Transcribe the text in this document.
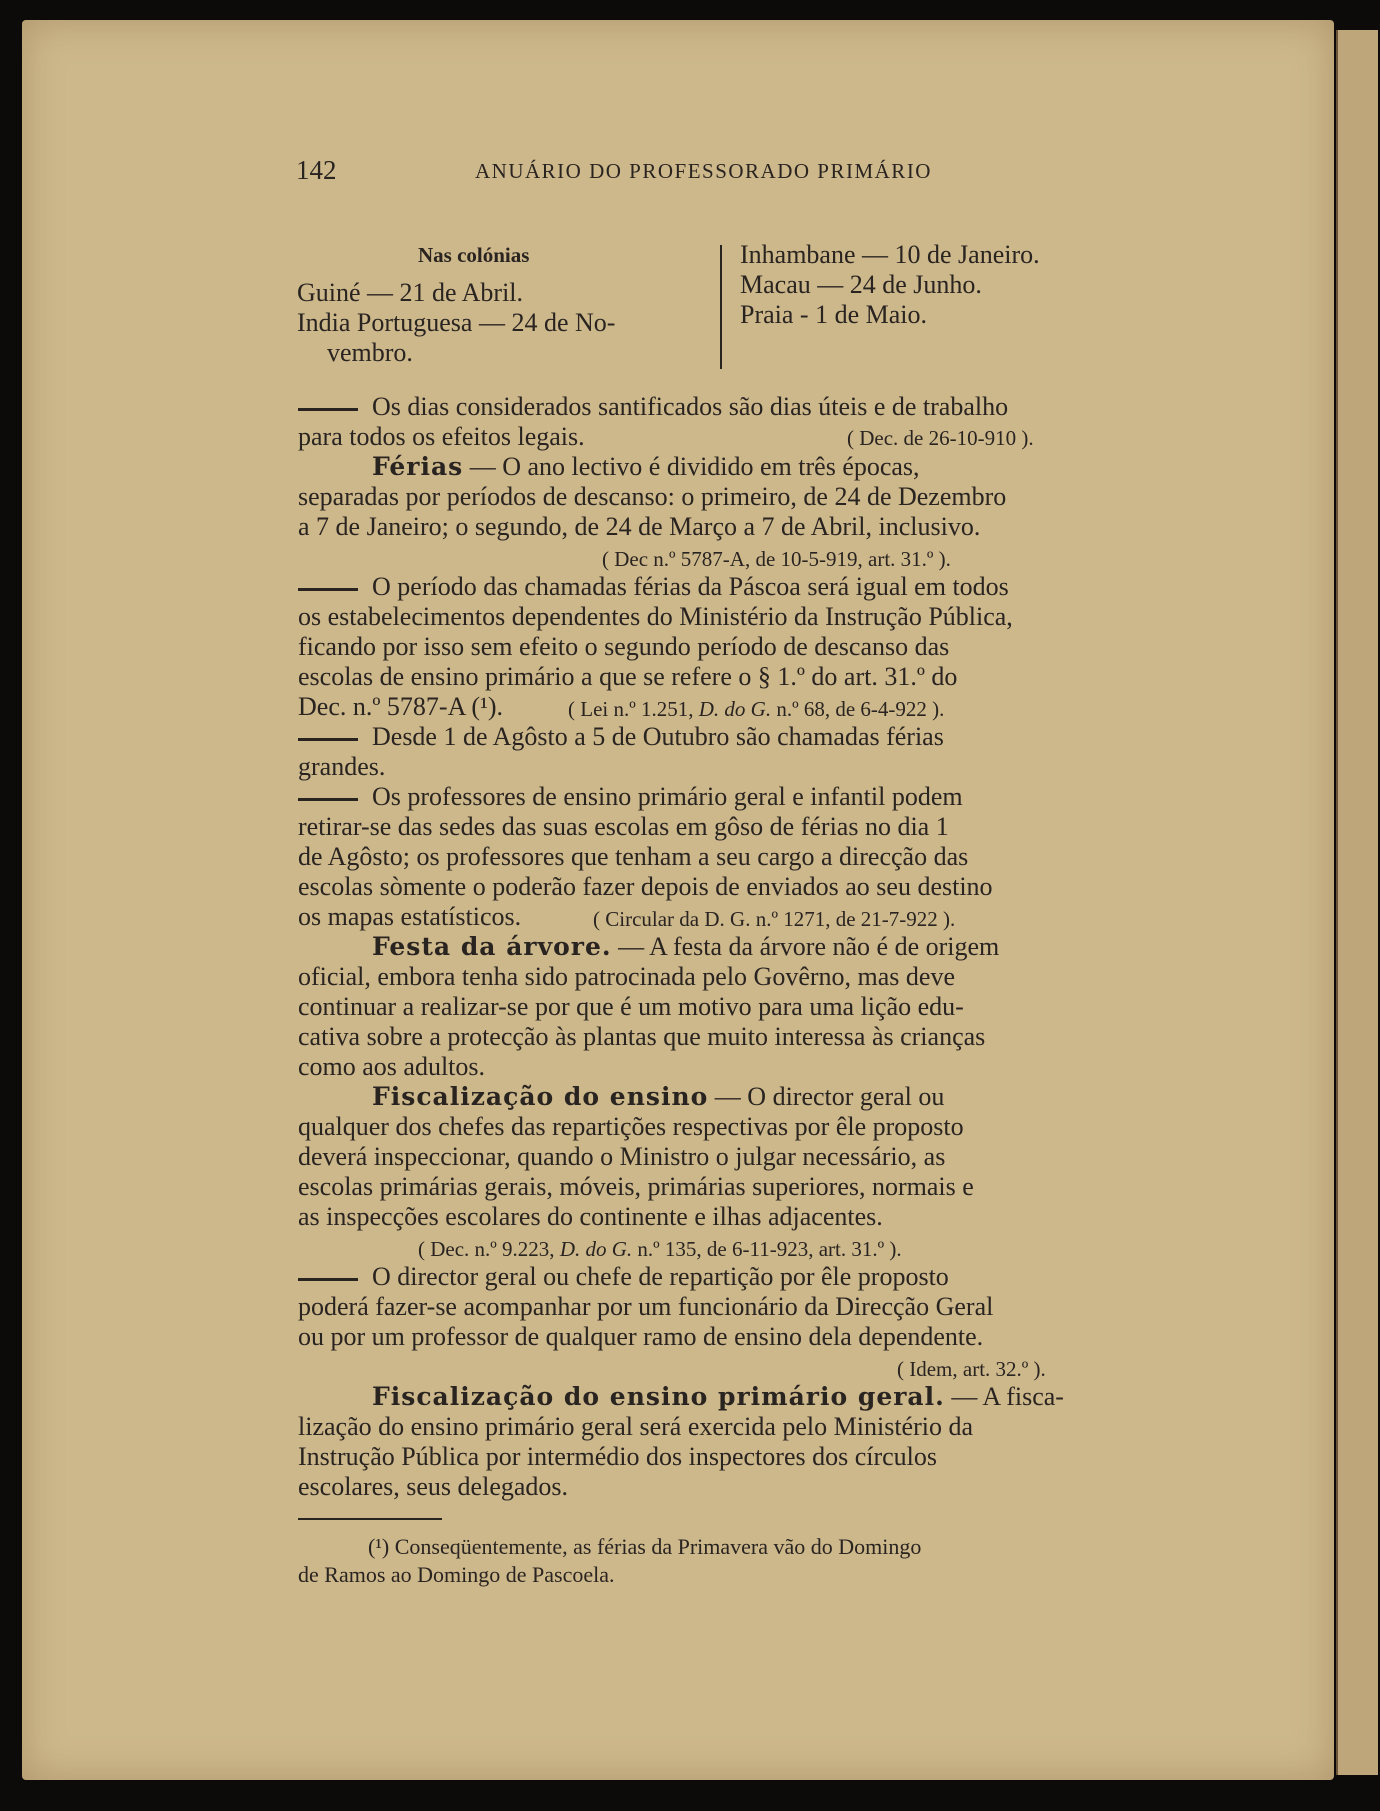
142	ANUÁRIO DO PROFESSORADO PRIMÁRIO
Nas colónias
Guiné — 21 de Abril.
India Portuguesa — 24 de No-
vembro.
Inhambane — 10 de Janeiro.
Macau — 24 de Junho.
Praia - 1 de Maio.
Os dias considerados santificados são dias úteis e de trabalho
para todos os efeitos legais.	( Dec. de 26-10-910 ).
Férias — O ano lectivo é dividido em três épocas,
separadas por períodos de descanso: o primeiro, de 24 de Dezembro
a 7 de Janeiro; o segundo, de 24 de Março a 7 de Abril, inclusivo.
( Dec n.º 5787-A, de 10-5-919, art. 31.º ).
O período das chamadas férias da Páscoa será igual em todos
os estabelecimentos dependentes do Ministério da Instrução Pública,
ficando por isso sem efeito o segundo período de descanso das
escolas de ensino primário a que se refere o § 1.º do art. 31.º do
Dec. n.º 5787-A (¹).	( Lei n.º 1.251, D. do G. n.º 68, de 6-4-922 ).
Desde 1 de Agôsto a 5 de Outubro são chamadas férias
grandes.
Os professores de ensino primário geral e infantil podem
retirar-se das sedes das suas escolas em gôso de férias no dia 1
de Agôsto; os professores que tenham a seu cargo a direcção das
escolas sòmente o poderão fazer depois de enviados ao seu destino
os mapas estatísticos.	( Circular da D. G. n.º 1271, de 21-7-922 ).
Festa da árvore. — A festa da árvore não é de origem
oficial, embora tenha sido patrocinada pelo Govêrno, mas deve
continuar a realizar-se por que é um motivo para uma lição edu-
cativa sobre a protecção às plantas que muito interessa às crianças
como aos adultos.
Fiscalização do ensino — O director geral ou
qualquer dos chefes das repartições respectivas por êle proposto
deverá inspeccionar, quando o Ministro o julgar necessário, as
escolas primárias gerais, móveis, primárias superiores, normais e
as inspecções escolares do continente e ilhas adjacentes.
( Dec. n.º 9.223, D. do G. n.º 135, de 6-11-923, art. 31.º ).
O director geral ou chefe de repartição por êle proposto
poderá fazer-se acompanhar por um funcionário da Direcção Geral
ou por um professor de qualquer ramo de ensino dela dependente.
( Idem, art. 32.º ).
Fiscalização do ensino primário geral. — A fisca-
lização do ensino primário geral será exercida pelo Ministério da
Instrução Pública por intermédio dos inspectores dos círculos
escolares, seus delegados.
(¹) Conseqüentemente, as férias da Primavera vão do Domingo
de Ramos ao Domingo de Pascoela.
